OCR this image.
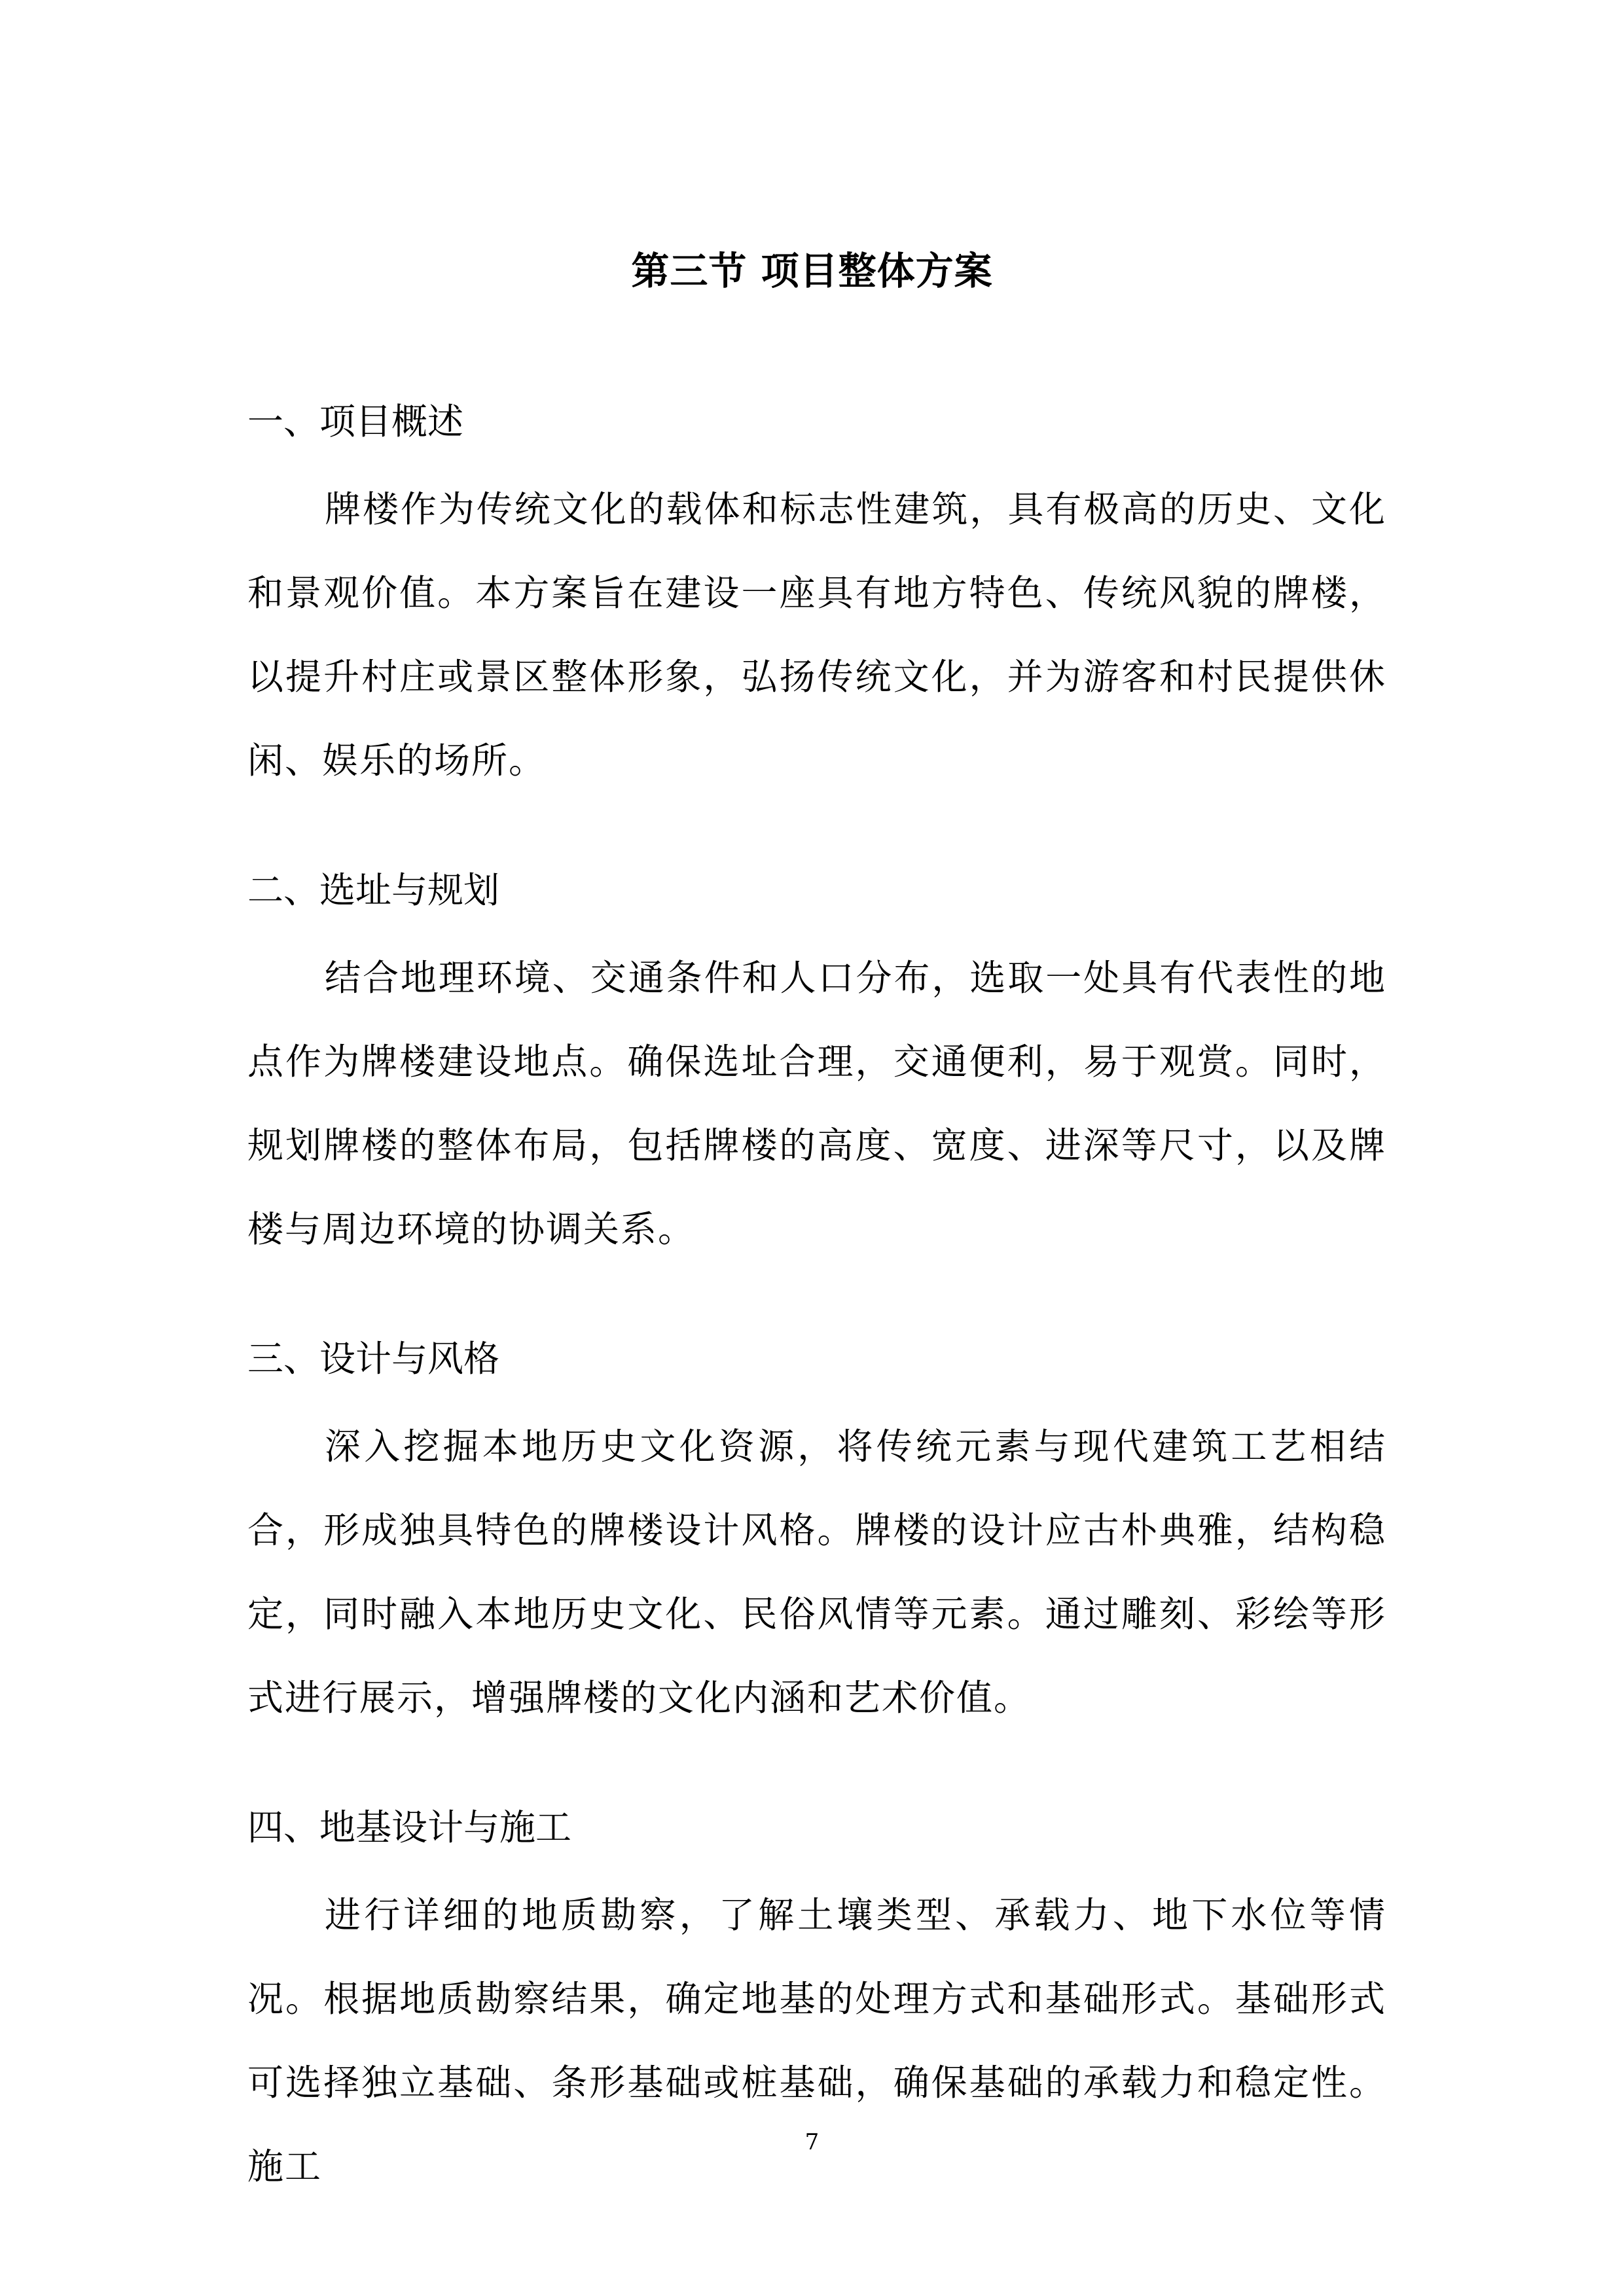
第三节 项目整体方案

一、项目概述

牌楼作为传统文化的载体和标志性建筑，具有极高的历史、文化和景观价值。本方案旨在建设一座具有地方特色、传统风貌的牌楼，以提升村庄或景区整体形象，弘扬传统文化，并为游客和村民提供休闲、娱乐的场所。

二、选址与规划

结合地理环境、交通条件和人口分布，选取一处具有代表性的地点作为牌楼建设地点。确保选址合理，交通便利，易于观赏。同时，规划牌楼的整体布局，包括牌楼的高度、宽度、进深等尺寸，以及牌楼与周边环境的协调关系。

三、设计与风格

深入挖掘本地历史文化资源，将传统元素与现代建筑工艺相结合，形成独具特色的牌楼设计风格。牌楼的设计应古朴典雅，结构稳定，同时融入本地历史文化、民俗风情等元素。通过雕刻、彩绘等形式进行展示，增强牌楼的文化内涵和艺术价值。

四、地基设计与施工

进行详细的地质勘察，了解土壤类型、承载力、地下水位等情况。根据地质勘察结果，确定地基的处理方式和基础形式。基础形式可选择独立基础、条形基础或桩基础，确保基础的承载力和稳定性。施工

7
